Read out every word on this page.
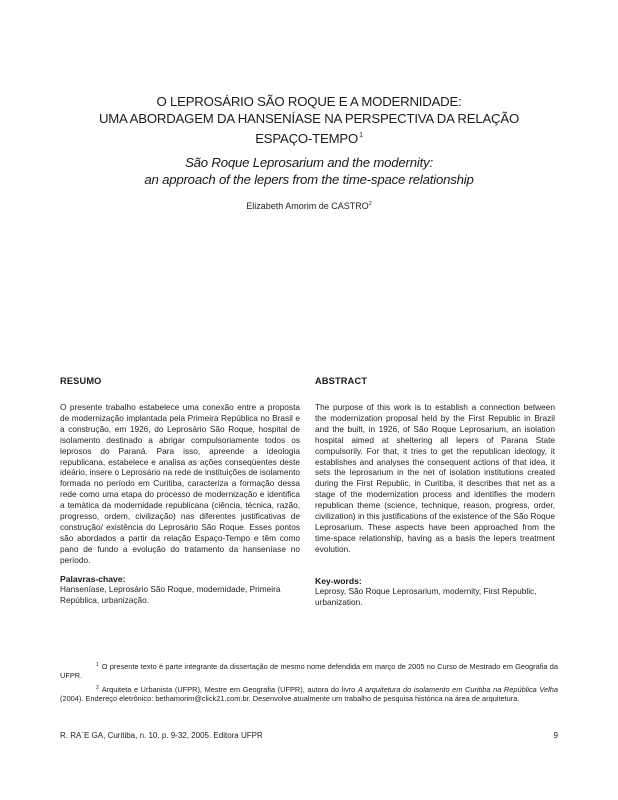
O LEPROSÁRIO SÃO ROQUE E A MODERNIDADE:
UMA ABORDAGEM DA HANSENÍASE NA PERSPECTIVA DA RELAÇÃO
ESPAÇO-TEMPO$^1$
São Roque Leprosarium and the modernity:
an approach of the lepers from the time-space relationship
Elizabeth Amorim de CASTRO$^2$
RESUMO
O presente trabalho estabelece uma conexão entre a proposta de modernização implantada pela Primeira República no Brasil e a construção, em 1926, do Leprosário São Roque, hospital de isolamento destinado a abrigar compulsoriamente todos os leprosos do Paraná. Para isso, apreende a ideologia republicana, estabelece e analisa as ações conseqüentes deste ideário, insere o Leprosário na rede de instituições de isolamento formada no período em Curitiba, caracteriza a formação dessa rede como uma etapa do processo de modernização e identifica a temática da modernidade republicana (ciência, técnica, razão, progresso, ordem, civilização) nas diferentes justificativas de construção/ existência do Leprosário São Roque. Esses pontos são abordados a partir da relação Espaço-Tempo e têm como pano de fundo a evolução do tratamento da hanseníase no período.
ABSTRACT
The purpose of this work is to establish a connection between the modernization proposal held by the First Republic in Brazil and the built, in 1926, of São Roque Leprosarium, an isolation hospital aimed at sheltering all lepers of Parana State compulsorily. For that, it tries to get the republican ideology, it establishes and analyses the consequent actions of that idea, it sets the leprosarium in the net of isolation institutions created during the First Republic, in Curitiba, it describes that net as a stage of the modernization process and identifies the modern republican theme (science, technique, reason, progress, order, civilization) in this justifications of the existence of the São Roque Leprosarium. These aspects have been approached from the time-space relationship, having as a basis the lepers treatment evolution.
Palavras-chave:
Hanseníase, Leprosário São Roque, modernidade, Primeira República, urbanização.
Key-words:
Leprosy, São Roque Leprosarium, modernity, First Republic, urbanization.
$^1$ O presente texto é parte integrante da dissertação de mesmo nome defendida em março de 2005 no Curso de Mestrado em Geografia da UFPR.
$^2$ Arquiteta e Urbanista (UFPR), Mestre em Geografia (UFPR), autora do livro A arquitetura do isolamento em Curitiba na República Velha (2004). Endereço eletrônico: bethamorim@click21.com.br. Desenvolve atualmente um trabalho de pesquisa histórica na área de arquitetura.
R. RA´E GA, Curitiba, n. 10, p. 9-32, 2005. Editora UFPR	9
